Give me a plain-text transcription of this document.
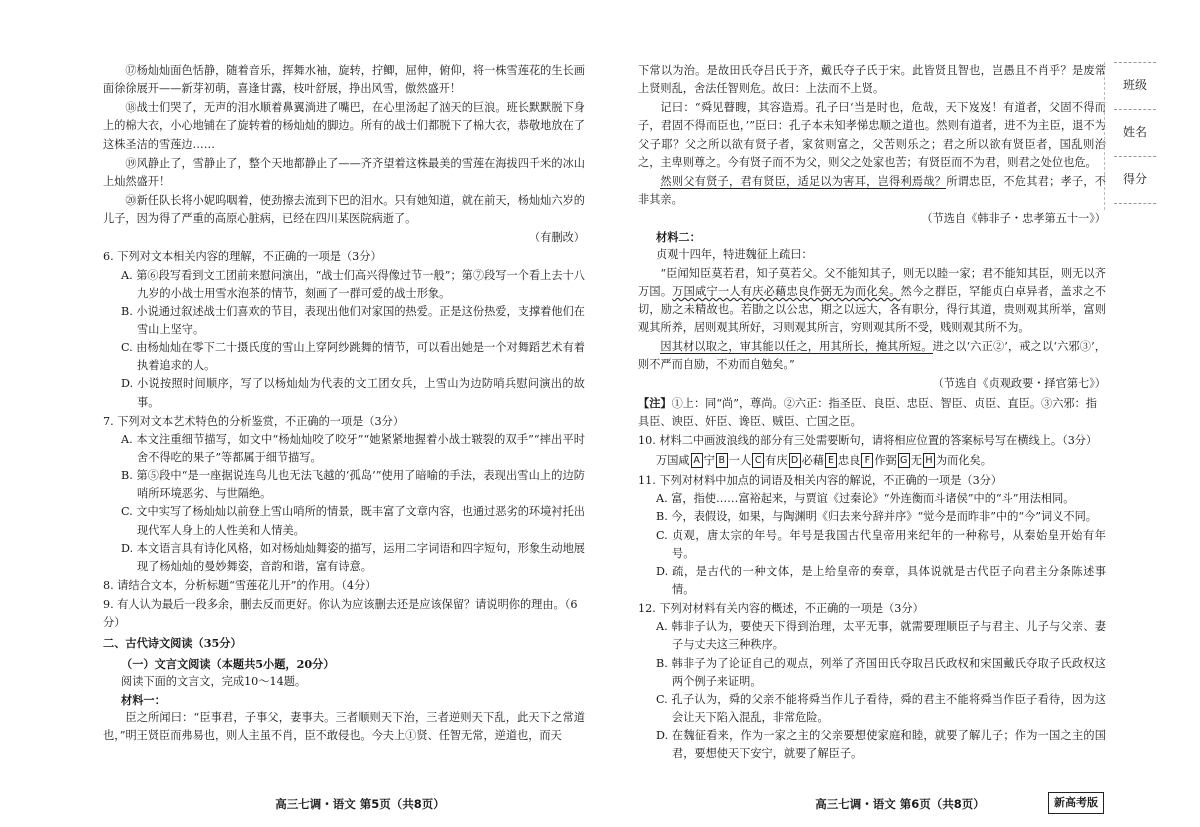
⑰杨灿灿面色恬静，随着音乐，挥舞水袖，旋转，拧鲫，屈伸，俯仰，将一株雪莲花的生长画面徐徐展开——新芽初萌，喜逢甘露，枝叶舒展，挣出风雪，傲然盛开！

⑱战士们哭了，无声的泪水顺着鼻翼淌进了嘴巴，在心里汤起了汹天的巨浪。班长默默脱下身上的棉大衣，小心地铺在了旋转着的杨灿灿的脚边。所有的战士们都脱下了棉大衣，恭敬地放在了这株圣洁的雪莲边……

⑲风静止了，雪静止了，整个天地都静止了——齐齐望着这株最美的雪莲在海拔四千米的冰山上灿然盛开！

⑳新任队长将小妮呜咽着，使劲擦去流到下巴的泪水。只有她知道，就在前天，杨灿灿六岁的儿子，因为得了严重的高原心脏病，已经在四川某医院病逝了。

（有删改）

6. 下列对文本相关内容的理解，不正确的一项是（3分）

A. 第⑥段写看到文工团前来慰问演出，“战士们高兴得像过节一般”；第⑦段写一个看上去十八九岁的小战士用雪水泡茶的情节，刻画了一群可爱的战士形象。

B. 小说通过叙述战士们喜欢的节目，表现出他们对家国的热爱。正是这份热爱，支撑着他们在雪山上坚守。

C. 由杨灿灿在零下二十摄氏度的雪山上穿阿纱跳舞的情节，可以看出她是一个对舞蹈艺术有着执着追求的人。

D. 小说按照时间顺序，写了以杨灿灿为代表的文工团女兵，上雪山为边防哨兵慰问演出的故事。

7. 下列对文本艺术特色的分析鉴赏，不正确的一项是（3分）

A. 本文注重细节描写，如文中“杨灿灿咬了咬牙”“她紧紧地握着小战士皲裂的双手”“摔出平时舍不得吃的果子”等都属于细节描写。

B. 第⑤段中“是一座据说连鸟儿也无法飞越的‘孤岛’”使用了暗喻的手法，表现出雪山上的边防哨所环境恶劣、与世隔绝。

C. 文中实写了杨灿灿以前登上雪山哨所的情景，既丰富了文章内容，也通过恶劣的环境衬托出现代军人身上的人性美和人情美。

D. 本文语言具有诗化风格，如对杨灿灿舞姿的描写，运用二字词语和四字短句，形象生动地展现了杨灿灿的曼妙舞姿，音韵和谐，富有诗意。

8. 请结合文本，分析标题“雪莲花儿开”的作用。（4分）

9. 有人认为最后一段多余，删去反而更好。你认为应该删去还是应该保留？请说明你的理由。（6分）

二、古代诗文阅读（35分）

（一）文言文阅读（本题共5小题，20分）

阅读下面的文言文，完成10～14题。

材料一：

臣之所闻曰：“臣事君，子事父，妻事夫。三者顺则天下治，三者逆则天下乱，此天下之常道也，”明王贤臣而弗易也，则人主虽不肖，臣不敢侵也。今夫上①贤、任智无常，逆道也，而天

下常以为治。是故田氏夺吕氏于齐，戴氏夺子氏于宋。此皆贤且智也，岂愚且不肖乎？是废常上贤则乱，舍法任智则危。故曰：上法而不上贤。

记曰：“舜见瞽瞍，其容造焉。孔子曰‘当是时也，危哉，天下岌岌！有道者，父固不得而子，君固不得而臣也，’”臣曰：孔子本未知孝悌忠顺之道也。然则有道者，进不为主臣，退不为父子耶？父之所以欲有贤子者，家贫则富之，父苦则乐之；君之所以欲有贤臣者，国乱则治之，主卑则尊之。今有贤子而不为父，则父之处家也苦；有贤臣而不为君，则君之处位也危。

然则父有贤子，君有贤臣，适足以为害耳，岂得利焉哉？所谓忠臣，不危其君；孝子，不非其亲。

（节选自《韩非子・忠孝第五十一》）

材料二：

贞观十四年，特进魏征上疏曰：

“臣闻知臣莫若君，知子莫若父。父不能知其子，则无以睦一家；君不能知其臣，则无以齐万国。万国咸宁一人有庆必藉忠良作弼无为而化矣。然今之群臣，罕能贞白卓异者，盖求之不切，励之未精故也。若勖之以公忠，期之以远大，各有职分，得行其道，贵则观其所举，富则观其所养，居则观其所好，习则观其所言，穷则观其所不受，贱则观其所不为。

因其材以取之，审其能以任之，用其所长，掩其所短。进之以‘六正②’，戒之以‘六邪③’，则不严而自励，不劝而自勉矣。”

（节选自《贞观政要・择官第七》）

【注】①上：同“尚”，尊尚。②六正：指圣臣、良臣、忠臣、智臣、贞臣、直臣。③六邪：指具臣、谀臣、奸臣、谗臣、贼臣、亡国之臣。

10. 材料二中画波浪线的部分有三处需要断句，请将相应位置的答案标号写在横线上。（3分）

万国咸 A 宁 B 一人 C 有庆 D 必藉 E 忠良 F 作弼 G 无 H 为而化矣。

11. 下列对材料中加点的词语及相关内容的解说，不正确的一项是（3分）

A. 富，指使……富裕起来，与贾谊《过秦论》“外连衡而斗诸侯”中的“斗”用法相同。

B. 今，表假设，如果，与陶渊明《归去来兮辞并序》“觉今是而昨非”中的“今”词义不同。

C. 贞观，唐太宗的年号。年号是我国古代皇帝用来纪年的一种称号，从秦始皇开始有年号。

D. 疏，是古代的一种文体，是上给皇帝的奏章，具体说就是古代臣子向君主分条陈述事情。

12. 下列对材料有关内容的概述，不正确的一项是（3分）

A. 韩非子认为，要使天下得到治理，太平无事，就需要理顺臣子与君主、儿子与父亲、妻子与丈夫这三种秩序。

B. 韩非子为了论证自己的观点，列举了齐国田氏夺取吕氏政权和宋国戴氏夺取子氏政权这两个例子来证明。

C. 孔子认为，舜的父亲不能将舜当作儿子看待，舜的君主不能将舜当作臣子看待，因为这会让天下陷入混乱，非常危险。

D. 在魏征看来，作为一家之主的父亲要想使家庭和睦，就要了解儿子；作为一国之主的国君，要想使天下安宁，就要了解臣子。

班级
姓名
得分
高三七调・语文 第5页（共8页）	高三七调・语文 第6页（共8页）	新高考版
